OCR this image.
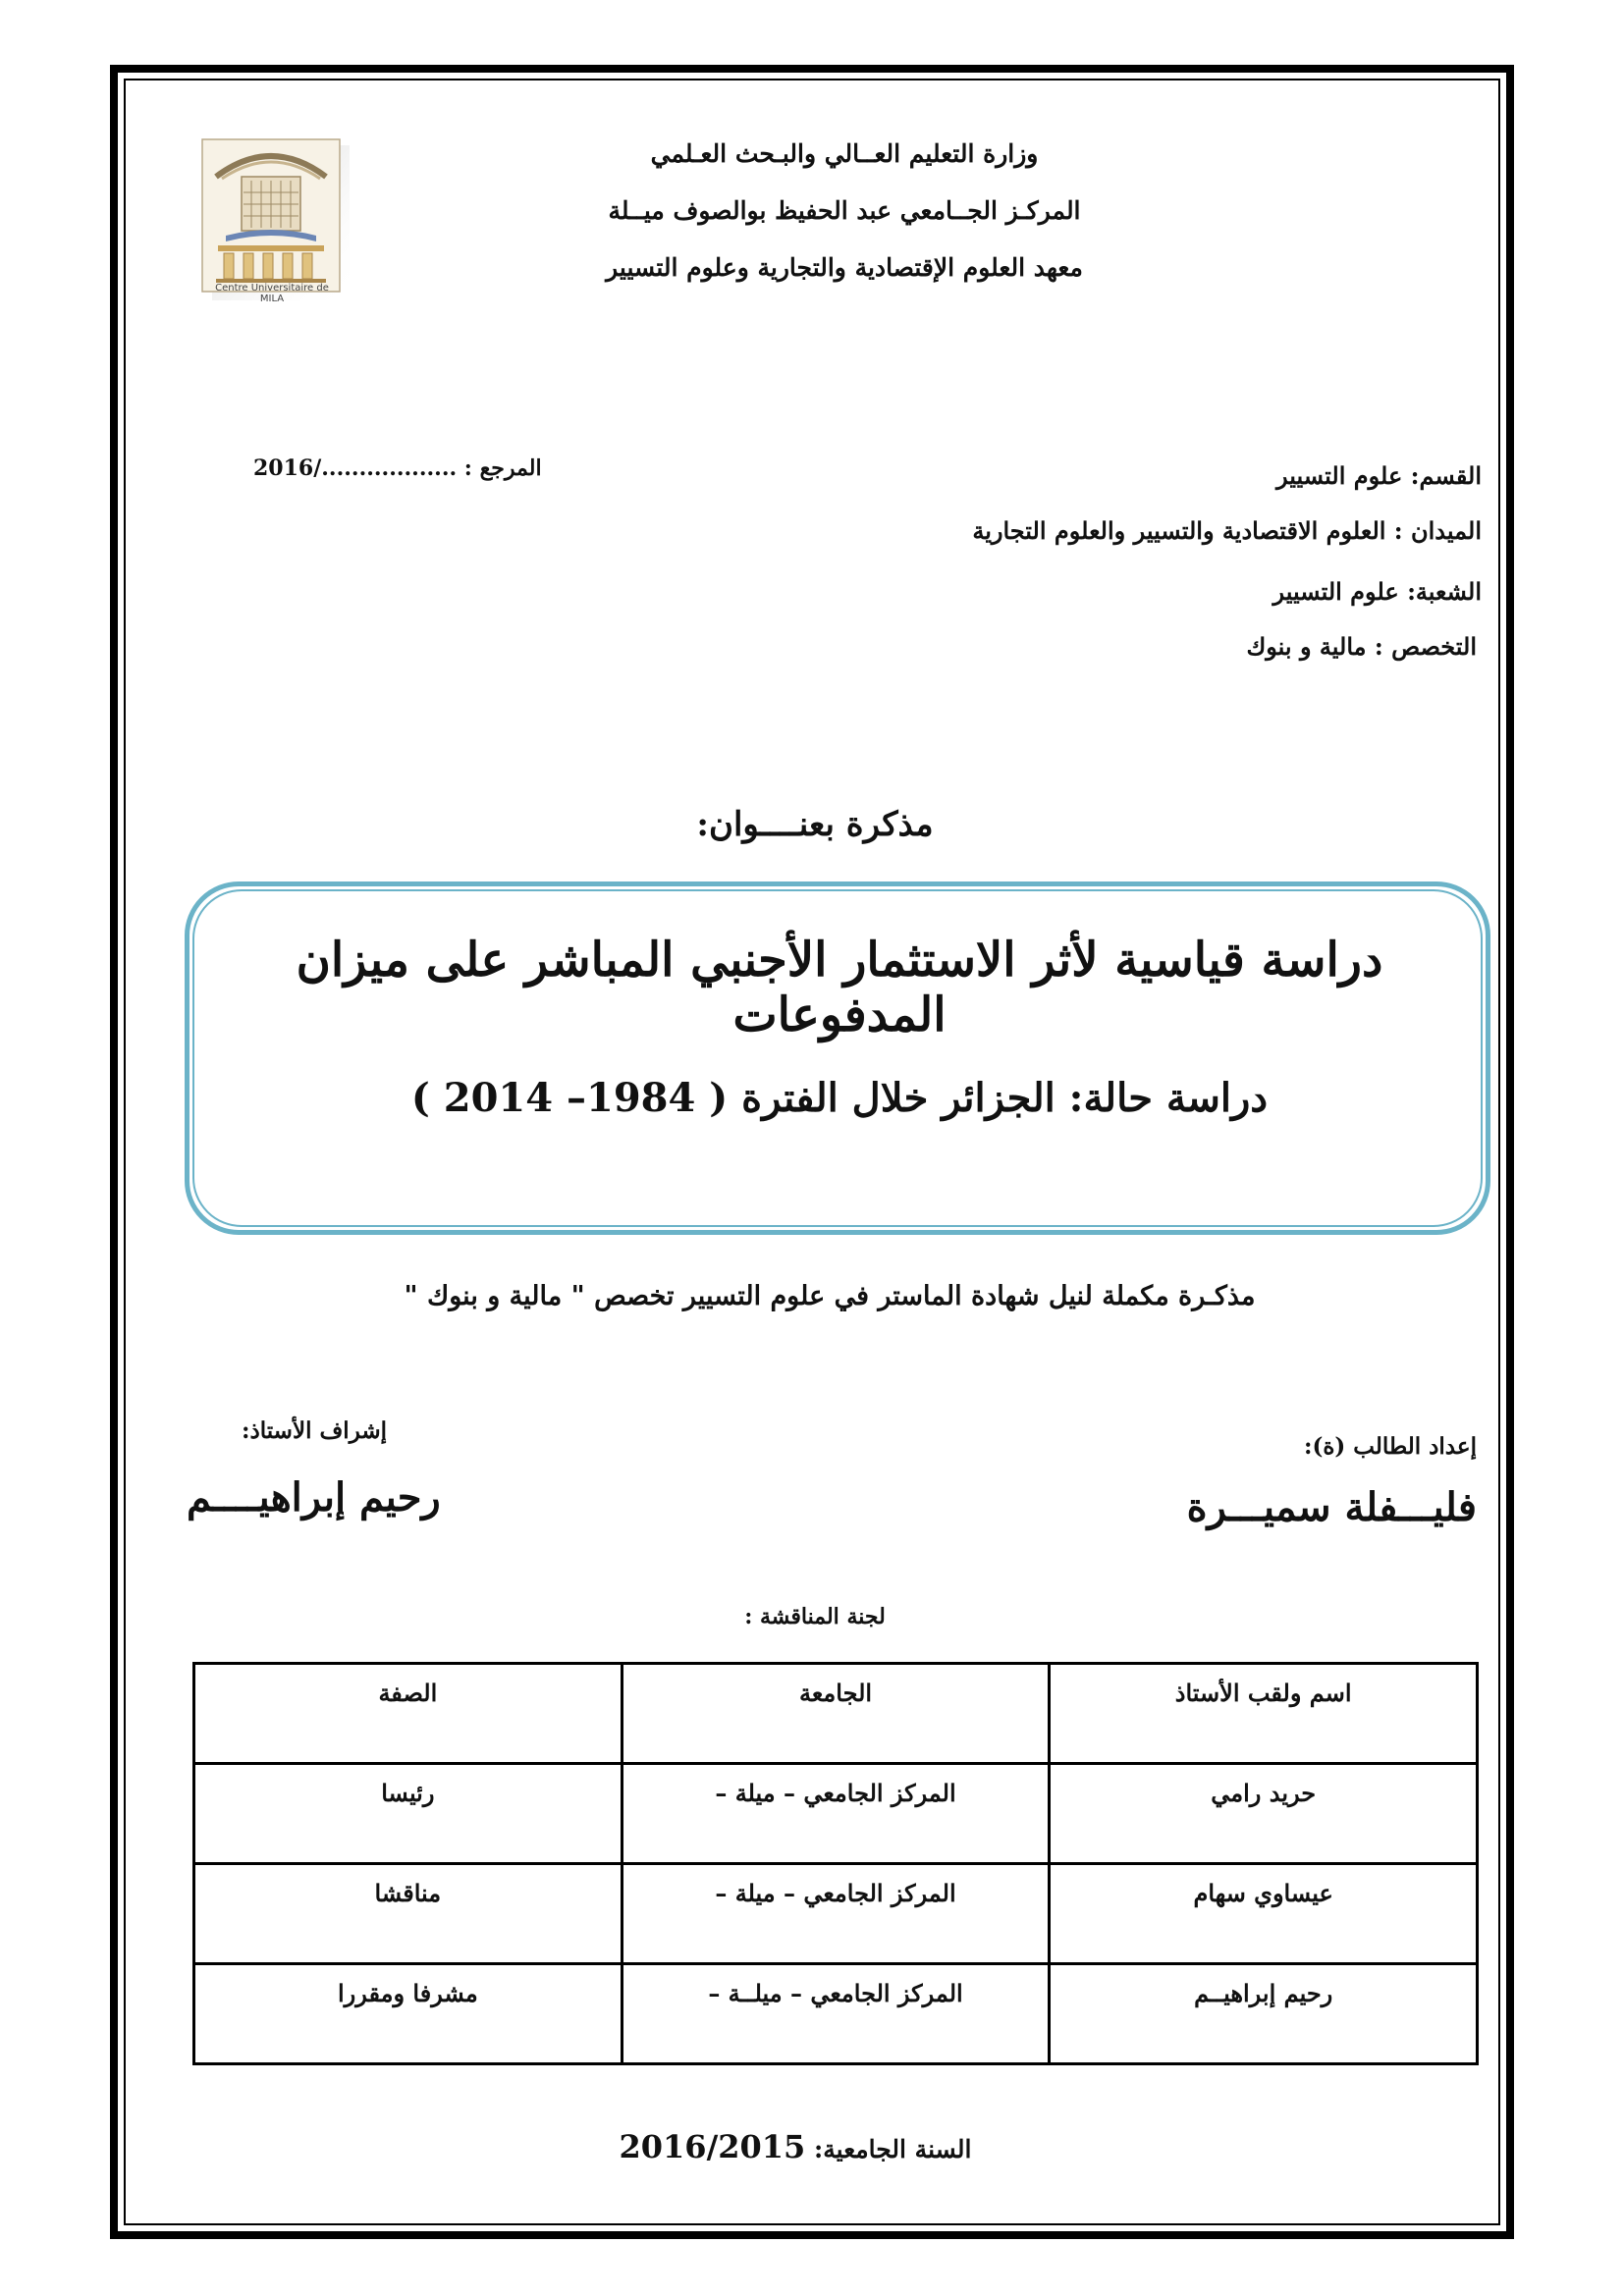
Centre Universitaire de MILA
وزارة التعليم العــالي والبـحث العـلمي
المركـز الجــامعي عبد الحفيظ بوالصوف ميــلة
معهد العلوم الإقتصادية والتجارية وعلوم التسيير
المرجع : ................../2016	القسم: علوم التسيير
الميدان : العلوم الاقتصادية والتسيير والعلوم التجارية
الشعبة: علوم التسيير
التخصص : مالية و بنوك
مذكرة بعنــــوان:
دراسة قياسية لأثر الاستثمار الأجنبي المباشر على ميزان المدفوعات
دراسة حالة: الجزائر خلال الفترة ( 1984– 2014 )
مذكـرة مكملة لنيل شهادة الماستر في علوم التسيير تخصص " مالية و بنوك "
إعداد الطالب (ة):
فليـــفلة سميـــرة
إشراف الأستاذ:
رحيم إبراهيــــم
لجنة المناقشة :
اسم ولقب الأستاذ	الجامعة	الصفة
حريد رامي	المركز الجامعي – ميلة –	رئيسا
عيساوي سهام	المركز الجامعي – ميلة –	مناقشا
رحيم إبراهيــم	المركز الجامعي – ميلــة –	مشرفا ومقررا
السنة الجامعية: 2016/2015
